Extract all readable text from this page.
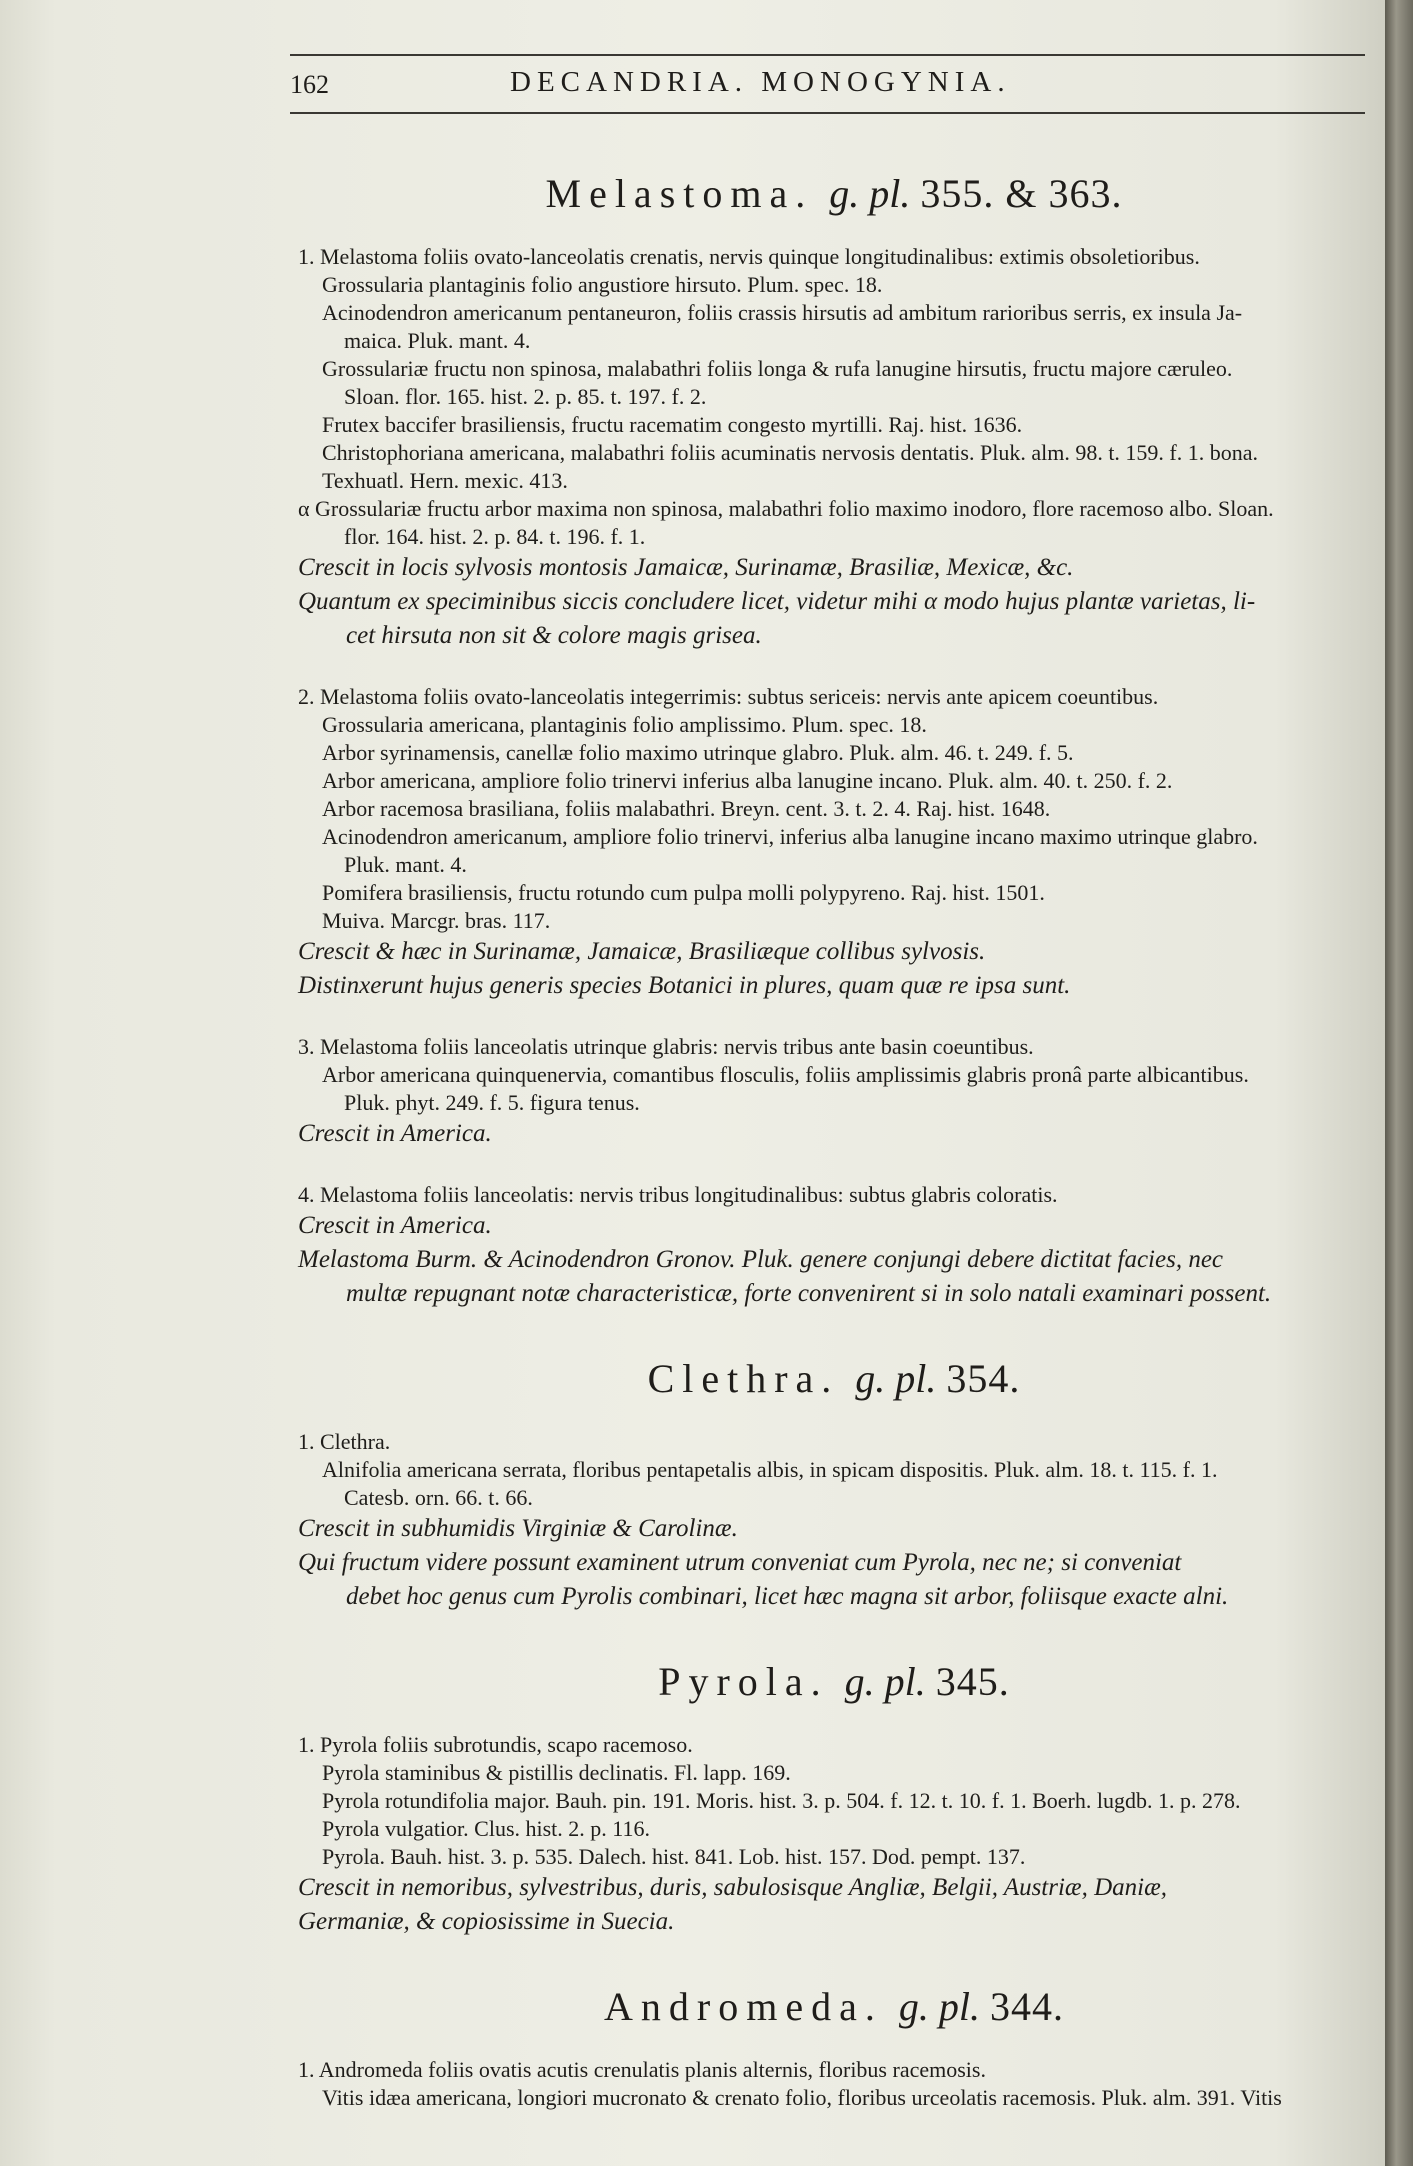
162	DECANDRIA. MONOGYNIA.
Melastoma. g. pl. 355. & 363.
1. Melastoma foliis ovato-lanceolatis crenatis, nervis quinque longitudinalibus: extimis obsoletioribus.
Grossularia plantaginis folio angustiore hirsuto. Plum. spec. 18.
Acinodendron americanum pentaneuron, foliis crassis hirsutis ad ambitum rarioribus serris, ex insula Ja-
maica. Pluk. mant. 4.
Grossulariæ fructu non spinosa, malabathri foliis longa & rufa lanugine hirsutis, fructu majore cæruleo.
Sloan. flor. 165. hist. 2. p. 85. t. 197. f. 2.
Frutex baccifer brasiliensis, fructu racematim congesto myrtilli. Raj. hist. 1636.
Christophoriana americana, malabathri foliis acuminatis nervosis dentatis. Pluk. alm. 98. t. 159. f. 1. bona.
Texhuatl. Hern. mexic. 413.
α Grossulariæ fructu arbor maxima non spinosa, malabathri folio maximo inodoro, flore racemoso albo. Sloan.
flor. 164. hist. 2. p. 84. t. 196. f. 1.
Crescit in locis sylvosis montosis Jamaicæ, Surinamæ, Brasiliæ, Mexicæ, &c.
Quantum ex speciminibus siccis concludere licet, videtur mihi α modo hujus plantæ varietas, li-
cet hirsuta non sit & colore magis grisea.
2. Melastoma foliis ovato-lanceolatis integerrimis: subtus sericeis: nervis ante apicem coeuntibus.
Grossularia americana, plantaginis folio amplissimo. Plum. spec. 18.
Arbor syrinamensis, canellæ folio maximo utrinque glabro. Pluk. alm. 46. t. 249. f. 5.
Arbor americana, ampliore folio trinervi inferius alba lanugine incano. Pluk. alm. 40. t. 250. f. 2.
Arbor racemosa brasiliana, foliis malabathri. Breyn. cent. 3. t. 2. 4. Raj. hist. 1648.
Acinodendron americanum, ampliore folio trinervi, inferius alba lanugine incano maximo utrinque glabro.
Pluk. mant. 4.
Pomifera brasiliensis, fructu rotundo cum pulpa molli polypyreno. Raj. hist. 1501.
Muiva. Marcgr. bras. 117.
Crescit & hæc in Surinamæ, Jamaicæ, Brasiliæque collibus sylvosis.
Distinxerunt hujus generis species Botanici in plures, quam quæ re ipsa sunt.
3. Melastoma foliis lanceolatis utrinque glabris: nervis tribus ante basin coeuntibus.
Arbor americana quinquenervia, comantibus flosculis, foliis amplissimis glabris pronâ parte albicantibus.
Pluk. phyt. 249. f. 5. figura tenus.
Crescit in America.
4. Melastoma foliis lanceolatis: nervis tribus longitudinalibus: subtus glabris coloratis.
Crescit in America.
Melastoma Burm. & Acinodendron Gronov. Pluk. genere conjungi debere dictitat facies, nec
multæ repugnant notæ characteristicæ, forte convenirent si in solo natali examinari possent.
Clethra. g. pl. 354.
1. Clethra.
Alnifolia americana serrata, floribus pentapetalis albis, in spicam dispositis. Pluk. alm. 18. t. 115. f. 1.
Catesb. orn. 66. t. 66.
Crescit in subhumidis Virginiæ & Carolinæ.
Qui fructum videre possunt examinent utrum conveniat cum Pyrola, nec ne; si conveniat
debet hoc genus cum Pyrolis combinari, licet hæc magna sit arbor, foliisque exacte alni.
Pyrola. g. pl. 345.
1. Pyrola foliis subrotundis, scapo racemoso.
Pyrola staminibus & pistillis declinatis. Fl. lapp. 169.
Pyrola rotundifolia major. Bauh. pin. 191. Moris. hist. 3. p. 504. f. 12. t. 10. f. 1. Boerh. lugdb. 1. p. 278.
Pyrola vulgatior. Clus. hist. 2. p. 116.
Pyrola. Bauh. hist. 3. p. 535. Dalech. hist. 841. Lob. hist. 157. Dod. pempt. 137.
Crescit in nemoribus, sylvestribus, duris, sabulosisque Angliæ, Belgii, Austriæ, Daniæ,
Germaniæ, & copiosissime in Suecia.
Andromeda. g. pl. 344.
1. Andromeda foliis ovatis acutis crenulatis planis alternis, floribus racemosis.
Vitis idæa americana, longiori mucronato & crenato folio, floribus urceolatis racemosis. Pluk. alm. 391. Vitis
